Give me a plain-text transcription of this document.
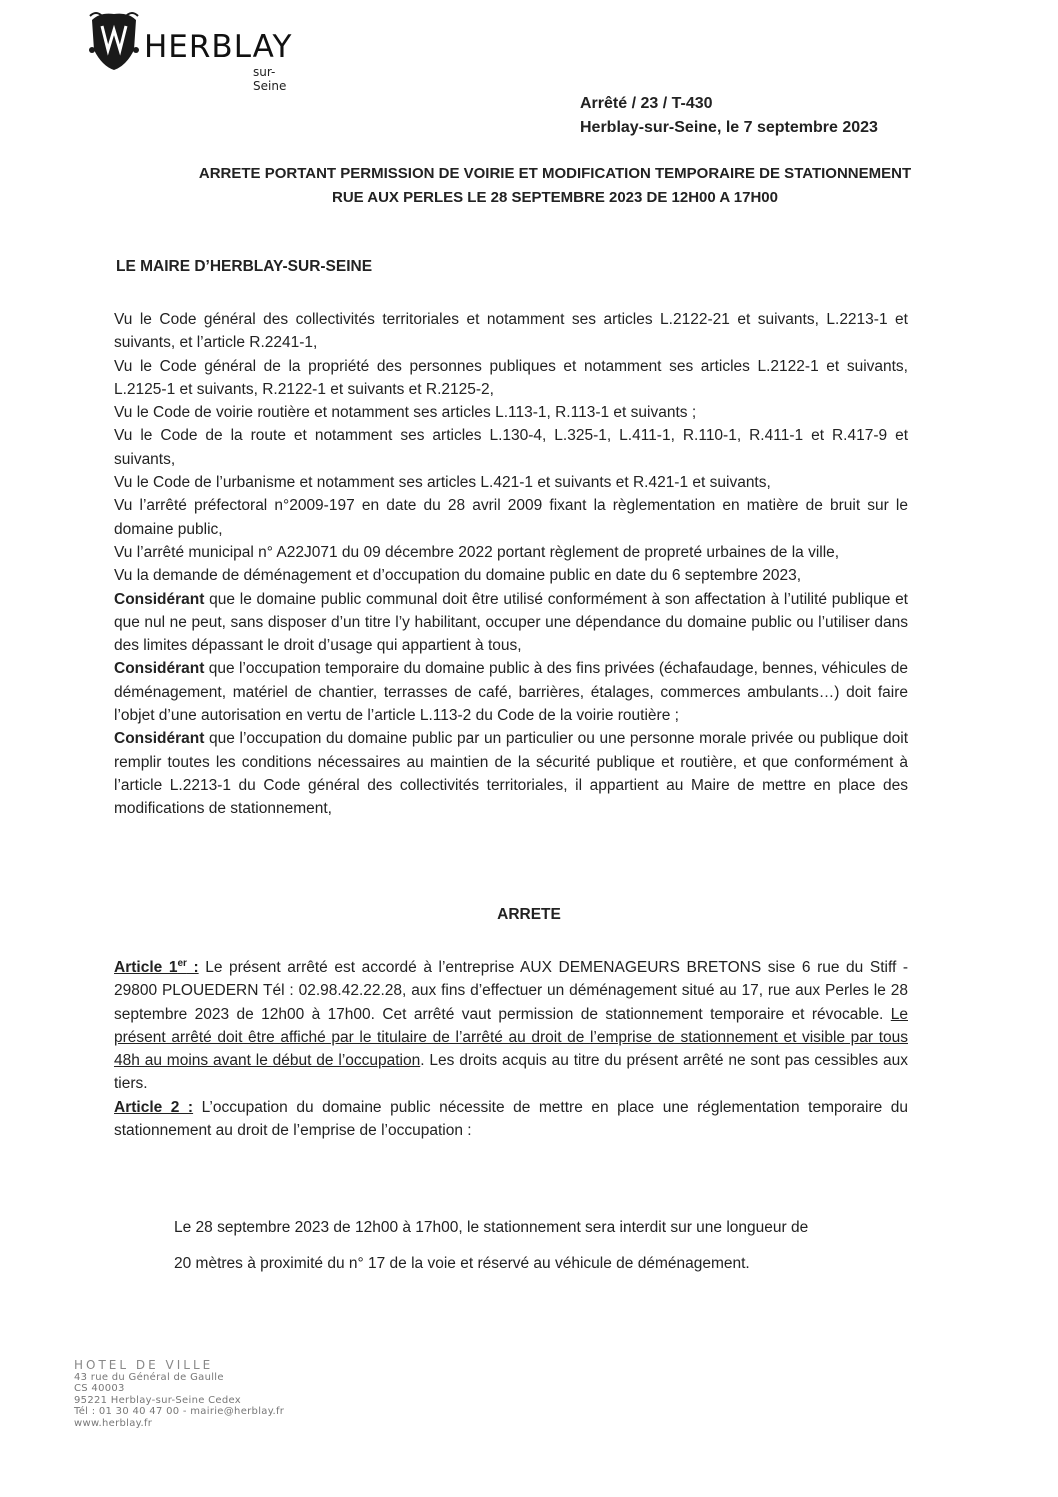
HERBLAY
sur-Seine
Arrêté / 23 / T-430
Herblay-sur-Seine, le 7 septembre 2023
ARRETE PORTANT PERMISSION DE VOIRIE ET MODIFICATION TEMPORAIRE DE STATIONNEMENT
RUE AUX PERLES LE 28 SEPTEMBRE 2023 DE 12H00 A 17H00
LE MAIRE D’HERBLAY-SUR-SEINE
Vu le Code général des collectivités territoriales et notamment ses articles L.2122-21 et suivants, L.2213-1 et suivants, et l’article R.2241-1,
Vu le Code général de la propriété des personnes publiques et notamment ses articles L.2122-1 et suivants, L.2125-1 et suivants, R.2122-1 et suivants et R.2125-2,
Vu le Code de voirie routière et notamment ses articles L.113-1, R.113-1 et suivants ;
Vu le Code de la route et notamment ses articles L.130-4, L.325-1, L.411-1, R.110-1, R.411-1 et R.417-9 et suivants,
Vu le Code de l’urbanisme et notamment ses articles L.421-1 et suivants et R.421-1 et suivants,
Vu l’arrêté préfectoral n°2009-197 en date du 28 avril 2009 fixant la règlementation en matière de bruit sur le domaine public,
Vu l’arrêté municipal n° A22J071 du 09 décembre 2022 portant règlement de propreté urbaines de la ville,
Vu la demande de déménagement et d’occupation du domaine public en date du 6 septembre 2023,
Considérant que le domaine public communal doit être utilisé conformément à son affectation à l’utilité publique et que nul ne peut, sans disposer d’un titre l’y habilitant, occuper une dépendance du domaine public ou l’utiliser dans des limites dépassant le droit d’usage qui appartient à tous,
Considérant que l’occupation temporaire du domaine public à des fins privées (échafaudage, bennes, véhicules de déménagement, matériel de chantier, terrasses de café, barrières, étalages, commerces ambulants…) doit faire l’objet d’une autorisation en vertu de l’article L.113-2 du Code de la voirie routière ;
Considérant que l’occupation du domaine public par un particulier ou une personne morale privée ou publique doit remplir toutes les conditions nécessaires au maintien de la sécurité publique et routière, et que conformément à l’article L.2213-1 du Code général des collectivités territoriales, il appartient au Maire de mettre en place des modifications de stationnement,
ARRETE
Article 1er : Le présent arrêté est accordé à l’entreprise AUX DEMENAGEURS BRETONS sise 6 rue du Stiff - 29800 PLOUEDERN Tél : 02.98.42.22.28, aux fins d’effectuer un déménagement situé au 17, rue aux Perles le 28 septembre 2023 de 12h00 à 17h00. Cet arrêté vaut permission de stationnement temporaire et révocable. Le présent arrêté doit être affiché par le titulaire de l’arrêté au droit de l’emprise de stationnement et visible par tous 48h au moins avant le début de l’occupation. Les droits acquis au titre du présent arrêté ne sont pas cessibles aux tiers.
Article 2 : L’occupation du domaine public nécessite de mettre en place une réglementation temporaire du stationnement au droit de l’emprise de l’occupation :
Le 28 septembre 2023 de 12h00 à 17h00, le stationnement sera interdit sur une longueur de
20 mètres à proximité du n° 17 de la voie et réservé au véhicule de déménagement.
HOTEL DE VILLE
43 rue du Général de Gaulle
CS 40003
95221 Herblay-sur-Seine Cedex
Tél : 01 30 40 47 00 - mairie@herblay.fr
www.herblay.fr
